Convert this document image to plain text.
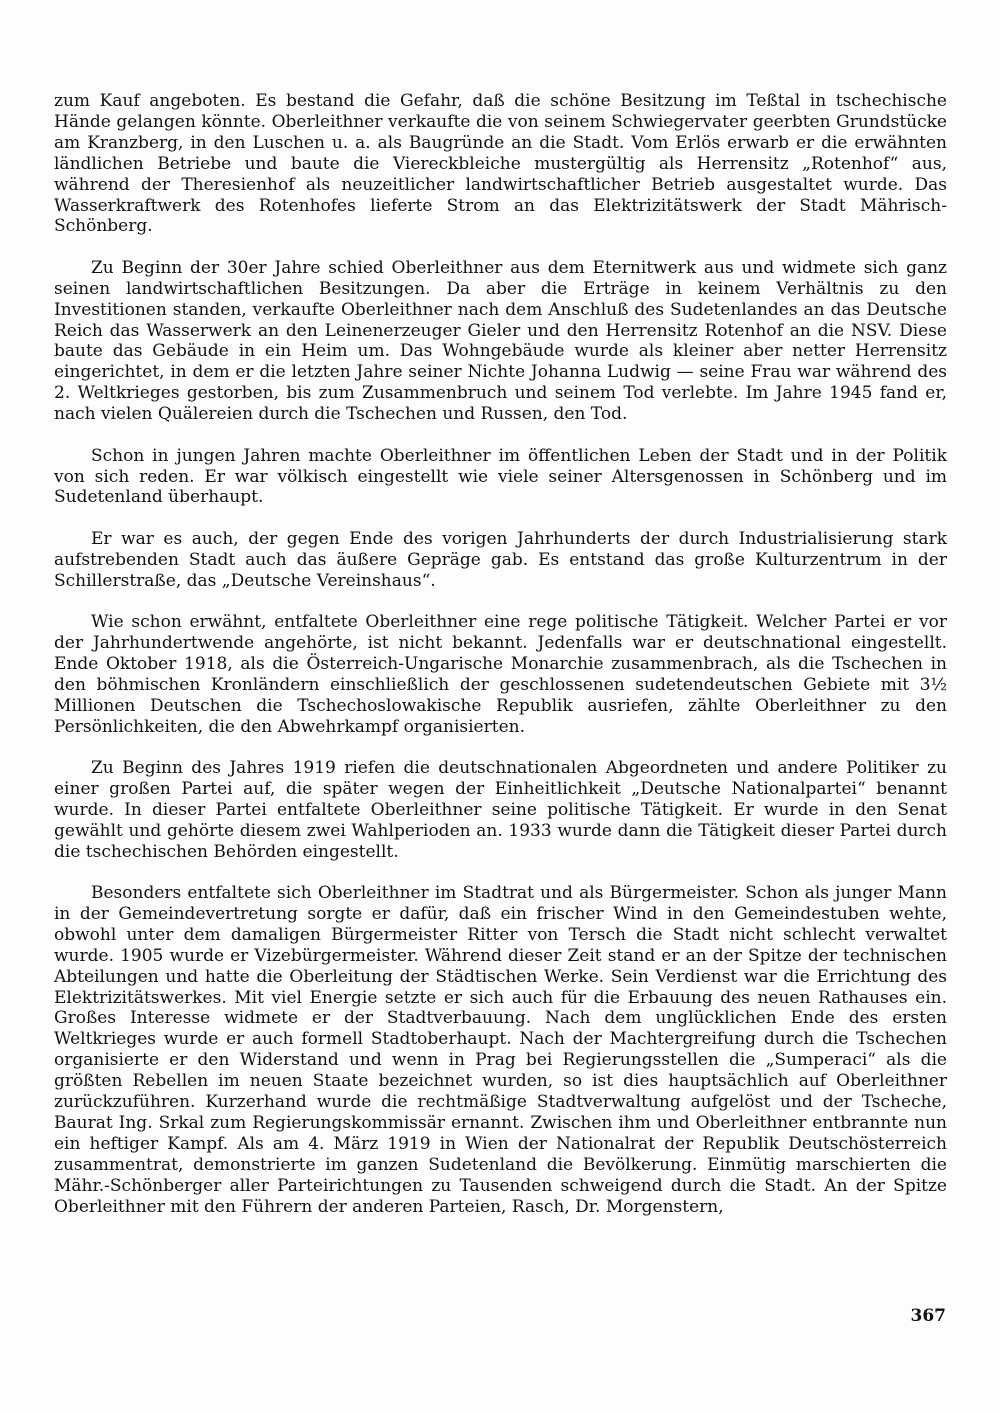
zum Kauf angeboten. Es bestand die Gefahr, daß die schöne Besitzung im Teßtal in tschechische Hände gelangen könnte. Oberleithner verkaufte die von seinem Schwiegervater geerbten Grundstücke am Kranzberg, in den Luschen u. a. als Baugründe an die Stadt. Vom Erlös erwarb er die erwähnten ländlichen Betriebe und baute die Viereckbleiche mustergültig als Herrensitz „Rotenhof“ aus, während der Theresienhof als neuzeitlicher landwirtschaftlicher Betrieb ausgestaltet wurde. Das Wasserkraftwerk des Rotenhofes lieferte Strom an das Elektrizitätswerk der Stadt Mährisch-Schönberg.

Zu Beginn der 30er Jahre schied Oberleithner aus dem Eternitwerk aus und widmete sich ganz seinen landwirtschaftlichen Besitzungen. Da aber die Erträge in keinem Verhältnis zu den Investitionen standen, verkaufte Oberleithner nach dem Anschluß des Sudetenlandes an das Deutsche Reich das Wasserwerk an den Leinenerzeuger Gieler und den Herrensitz Rotenhof an die NSV. Diese baute das Gebäude in ein Heim um. Das Wohngebäude wurde als kleiner aber netter Herrensitz eingerichtet, in dem er die letzten Jahre seiner Nichte Johanna Ludwig — seine Frau war während des 2. Weltkrieges gestorben, bis zum Zusammenbruch und seinem Tod verlebte. Im Jahre 1945 fand er, nach vielen Quälereien durch die Tschechen und Russen, den Tod.

Schon in jungen Jahren machte Oberleithner im öffentlichen Leben der Stadt und in der Politik von sich reden. Er war völkisch eingestellt wie viele seiner Altersgenossen in Schönberg und im Sudetenland überhaupt.

Er war es auch, der gegen Ende des vorigen Jahrhunderts der durch Industrialisierung stark aufstrebenden Stadt auch das äußere Gepräge gab. Es entstand das große Kulturzentrum in der Schillerstraße, das „Deutsche Vereinshaus“.

Wie schon erwähnt, entfaltete Oberleithner eine rege politische Tätigkeit. Welcher Partei er vor der Jahrhundertwende angehörte, ist nicht bekannt. Jedenfalls war er deutschnational eingestellt. Ende Oktober 1918, als die Österreich-Ungarische Monarchie zusammenbrach, als die Tschechen in den böhmischen Kronländern einschließlich der geschlossenen sudetendeutschen Gebiete mit 3½ Millionen Deutschen die Tschechoslowakische Republik ausriefen, zählte Oberleithner zu den Persönlichkeiten, die den Abwehrkampf organisierten.

Zu Beginn des Jahres 1919 riefen die deutschnationalen Abgeordneten und andere Politiker zu einer großen Partei auf, die später wegen der Einheitlichkeit „Deutsche Nationalpartei“ benannt wurde. In dieser Partei entfaltete Oberleithner seine politische Tätigkeit. Er wurde in den Senat gewählt und gehörte diesem zwei Wahlperioden an. 1933 wurde dann die Tätigkeit dieser Partei durch die tschechischen Behörden eingestellt.

Besonders entfaltete sich Oberleithner im Stadtrat und als Bürgermeister. Schon als junger Mann in der Gemeindevertretung sorgte er dafür, daß ein frischer Wind in den Gemeindestuben wehte, obwohl unter dem damaligen Bürgermeister Ritter von Tersch die Stadt nicht schlecht verwaltet wurde. 1905 wurde er Vizebürgermeister. Während dieser Zeit stand er an der Spitze der technischen Abteilungen und hatte die Oberleitung der Städtischen Werke. Sein Verdienst war die Errichtung des Elektrizitätswerkes. Mit viel Energie setzte er sich auch für die Erbauung des neuen Rathauses ein. Großes Interesse widmete er der Stadtverbauung. Nach dem unglücklichen Ende des ersten Weltkrieges wurde er auch formell Stadtoberhaupt. Nach der Machtergreifung durch die Tschechen organisierte er den Widerstand und wenn in Prag bei Regierungsstellen die „Sumperaci“ als die größten Rebellen im neuen Staate bezeichnet wurden, so ist dies hauptsächlich auf Oberleithner zurückzuführen. Kurzerhand wurde die rechtmäßige Stadtverwaltung aufgelöst und der Tscheche, Baurat Ing. Srkal zum Regierungskommissär ernannt. Zwischen ihm und Oberleithner entbrannte nun ein heftiger Kampf. Als am 4. März 1919 in Wien der Nationalrat der Republik Deutschösterreich zusammentrat, demonstrierte im ganzen Sudetenland die Bevölkerung. Einmütig marschierten die Mähr.-Schönberger aller Parteirichtungen zu Tausenden schweigend durch die Stadt. An der Spitze Oberleithner mit den Führern der anderen Parteien, Rasch, Dr. Morgenstern,

367
